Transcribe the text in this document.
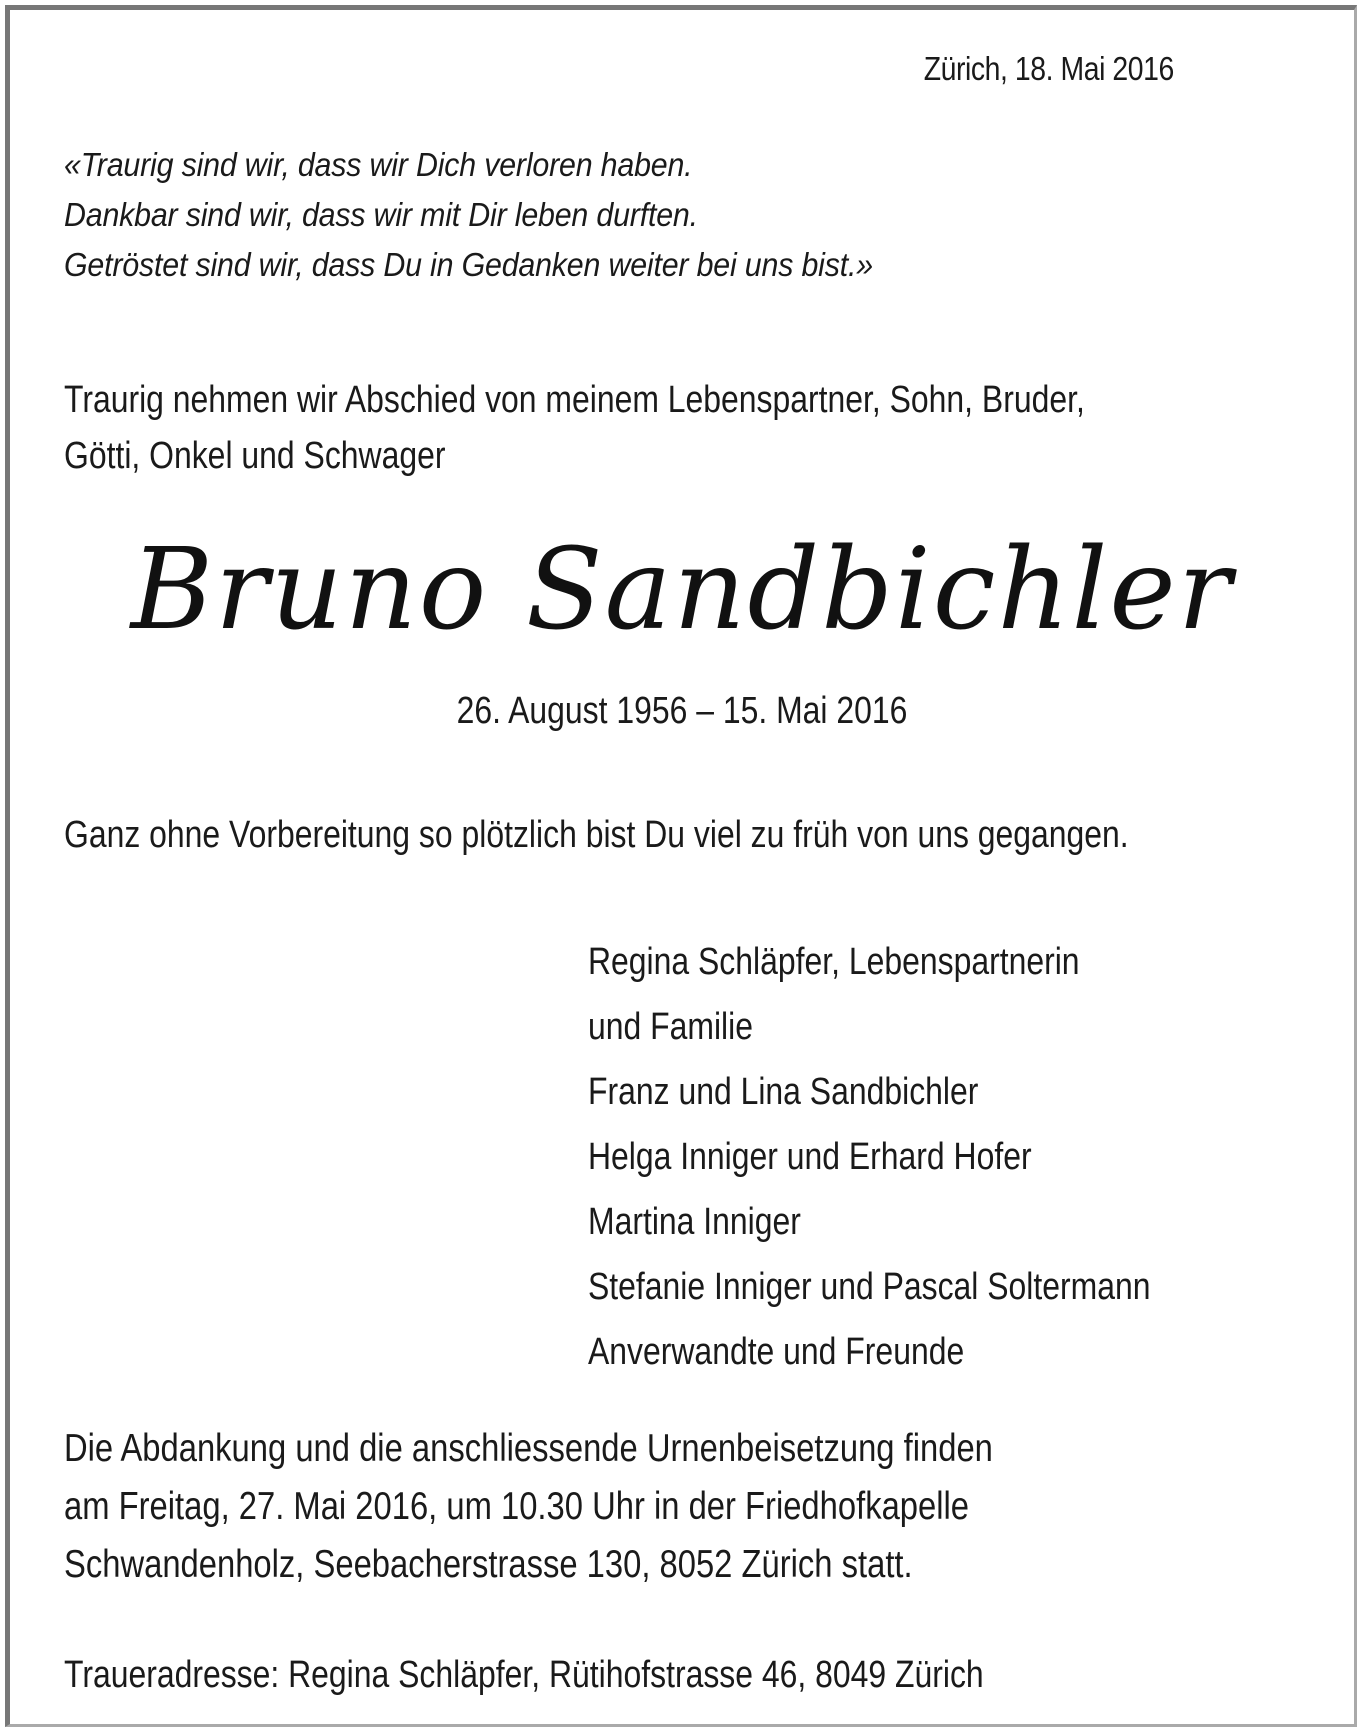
Zürich, 18. Mai 2016
«Traurig sind wir, dass wir Dich verloren haben.
Dankbar sind wir, dass wir mit Dir leben durften.
Getröstet sind wir, dass Du in Gedanken weiter bei uns bist.»
Traurig nehmen wir Abschied von meinem Lebenspartner, Sohn, Bruder,
Götti, Onkel und Schwager
Bruno Sandbichler
26. August 1956 – 15. Mai 2016
Ganz ohne Vorbereitung so plötzlich bist Du viel zu früh von uns gegangen.
Regina Schläpfer, Lebenspartnerin
und Familie
Franz und Lina Sandbichler
Helga Inniger und Erhard Hofer
Martina Inniger
Stefanie Inniger und Pascal Soltermann
Anverwandte und Freunde
Die Abdankung und die anschliessende Urnenbeisetzung finden
am Freitag, 27. Mai 2016, um 10.30 Uhr in der Friedhofkapelle
Schwandenholz, Seebacherstrasse 130, 8052 Zürich statt.
Traueradresse: Regina Schläpfer, Rütihofstrasse 46, 8049 Zürich
